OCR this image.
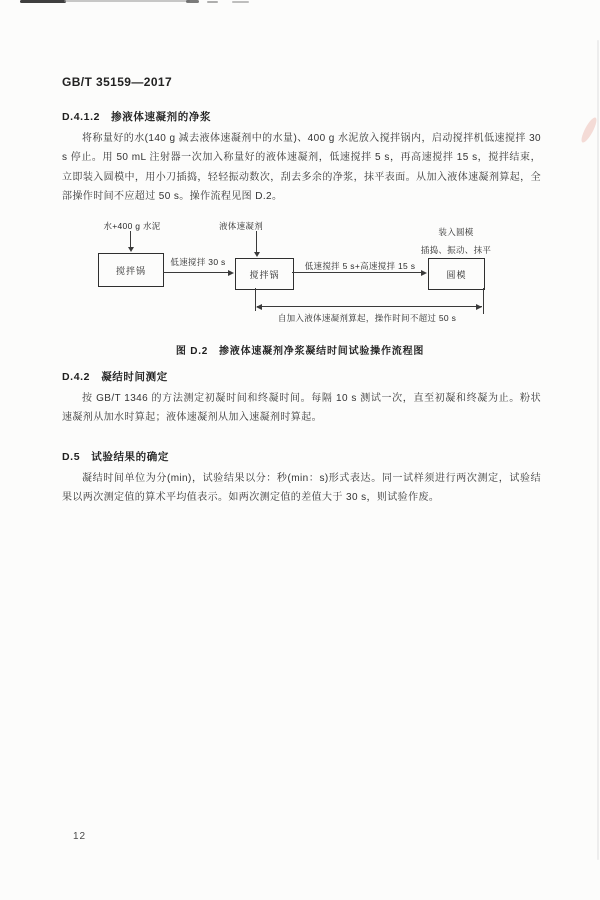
GB/T 35159—2017
D.4.1.2　掺液体速凝剂的净浆
将称量好的水(140 g 减去液体速凝剂中的水量)、400 g 水泥放入搅拌锅内，启动搅拌机低速搅拌 30 s 停止。用 50 mL 注射器一次加入称量好的液体速凝剂，低速搅拌 5 s，再高速搅拌 15 s，搅拌结束，立即装入圆模中，用小刀插捣，轻轻振动数次，刮去多余的净浆，抹平表面。从加入液体速凝剂算起，全部操作时间不应超过 50 s。操作流程见图 D.2。
水+400 g 水泥
搅拌锅
低速搅拌 30 s
液体速凝剂
搅拌锅
低速搅拌 5 s+高速搅拌 15 s
装入圆模
插捣、振动、抹平
圆模
自加入液体速凝剂算起，操作时间不超过 50 s
图 D.2　掺液体速凝剂净浆凝结时间试验操作流程图
D.4.2　凝结时间测定
按 GB/T 1346 的方法测定初凝时间和终凝时间。每隔 10 s 测试一次，直至初凝和终凝为止。粉状速凝剂从加水时算起；液体速凝剂从加入速凝剂时算起。
D.5　试验结果的确定
凝结时间单位为分(min)，试验结果以分：秒(min：s)形式表达。同一试样须进行两次测定，试验结果以两次测定值的算术平均值表示。如两次测定值的差值大于 30 s，则试验作废。
12
